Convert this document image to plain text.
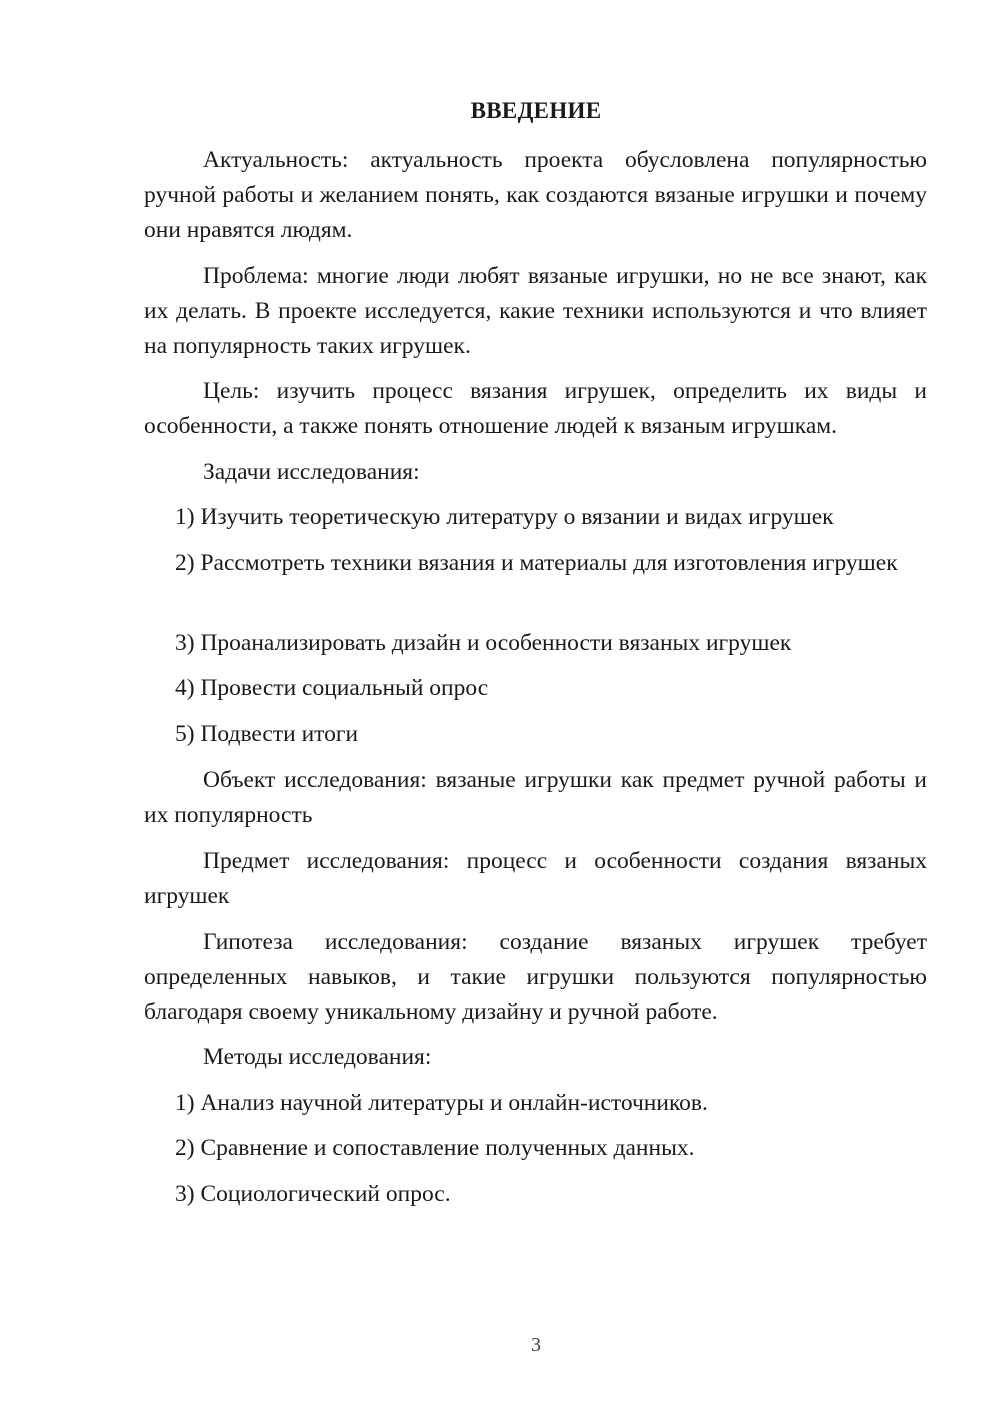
ВВЕДЕНИЕ

Актуальность: актуальность проекта обусловлена популярностью ручной работы и желанием понять, как создаются вязаные игрушки и почему они нравятся людям.

Проблема: многие люди любят вязаные игрушки, но не все знают, как их делать. В проекте исследуется, какие техники используются и что влияет на популярность таких игрушек.

Цель: изучить процесс вязания игрушек, определить их виды и особенности, а также понять отношение людей к вязаным игрушкам.

Задачи исследования:

1) Изучить теоретическую литературу о вязании и видах игрушек

2) Рассмотреть техники вязания и материалы для изготовления игрушек

3) Проанализировать дизайн и особенности вязаных игрушек

4) Провести социальный опрос

5) Подвести итоги

Объект исследования: вязаные игрушки как предмет ручной работы и их популярность

Предмет исследования: процесс и особенности создания вязаных игрушек

Гипотеза исследования: создание вязаных игрушек требует определенных навыков, и такие игрушки пользуются популярностью благодаря своему уникальному дизайну и ручной работе.

Методы исследования:

1) Анализ научной литературы и онлайн-источников.

2) Сравнение и сопоставление полученных данных.

3) Социологический опрос.

3
